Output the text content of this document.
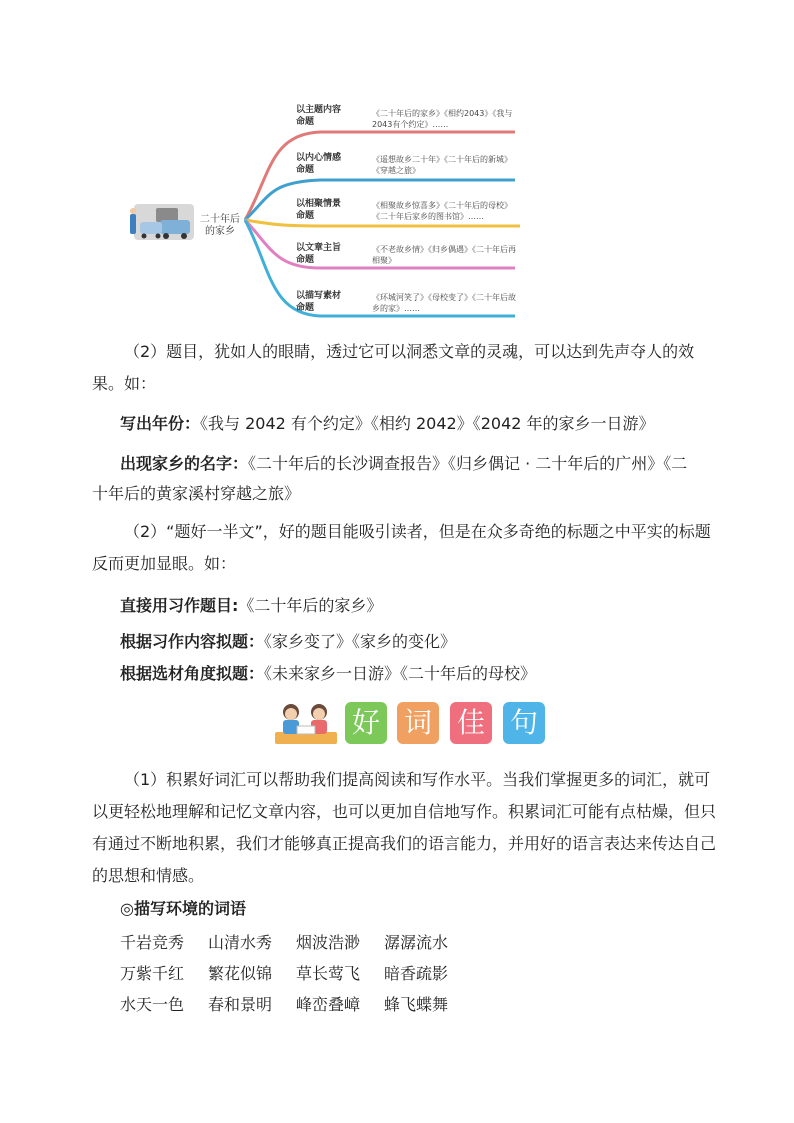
二十年后的家乡
以主题内容命题
《二十年后的家乡》《相约2043》《我与2043有个约定》……
以内心情感命题
《遥想故乡二十年》《二十年后的新城》《穿越之旅》
以相聚情景命题
《相聚故乡惊喜多》《二十年后的母校》《二十年后家乡的图书馆》……
以文章主旨命题
《不老故乡情》《归乡偶遇》《二十年后再相聚》
以描写素材命题
《环城河笑了》《母校变了》《二十年后故乡的家》……

（2）题目，犹如人的眼睛，透过它可以洞悉文章的灵魂，可以达到先声夺人的效果。如：

写出年份：《我与 2042 有个约定》《相约 2042》《2042 年的家乡一日游》
出现家乡的名字：《二十年后的长沙调查报告》《归乡偶记 · 二十年后的广州》《二
十年后的黄家溪村穿越之旅》

（2）“题好一半文”，好的题目能吸引读者，但是在众多奇绝的标题之中平实的标题反而更加显眼。如：

直接用习作题目:《二十年后的家乡》
根据习作内容拟题：《家乡变了》《家乡的变化》
根据选材角度拟题：《未来家乡一日游》《二十年后的母校》
好 词 佳 句

（1）积累好词汇可以帮助我们提高阅读和写作水平。当我们掌握更多的词汇，就可以更轻松地理解和记忆文章内容，也可以更加自信地写作。积累词汇可能有点枯燥，但只有通过不断地积累，我们才能够真正提高我们的语言能力，并用好的语言表达来传达自己的思想和情感。

◎描写环境的词语
千岩竞秀 山清水秀 烟波浩渺 潺潺流水
万紫千红 繁花似锦 草长莺飞 暗香疏影
水天一色 春和景明 峰峦叠嶂 蜂飞蝶舞
